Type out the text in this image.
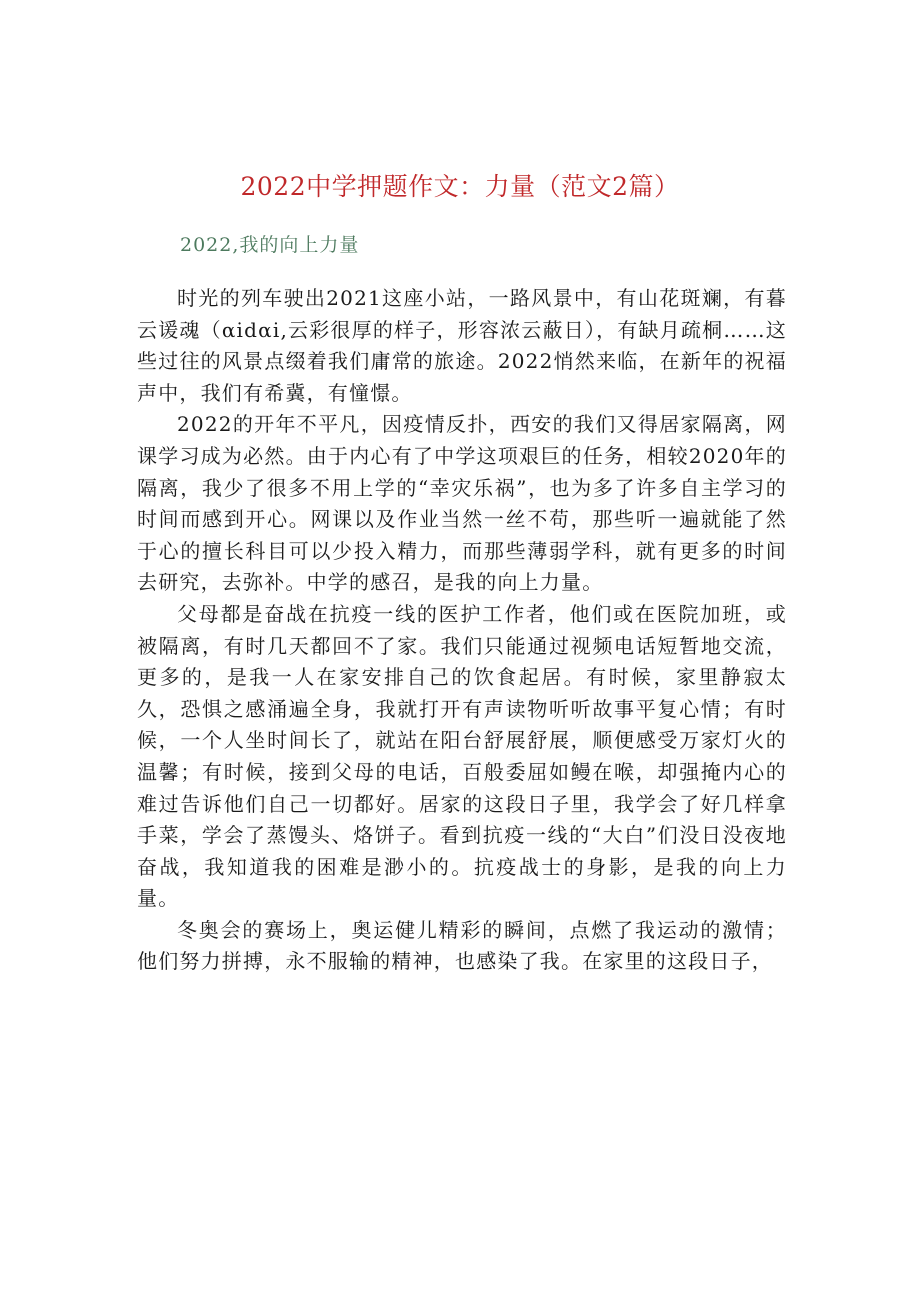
2022中学押题作文：力量（范文2篇）
2022,我的向上力量

时光的列车驶出2021这座小站，一路风景中，有山花斑斓，有暮云谖魂（αidαi,云彩很厚的样子，形容浓云蔽日），有缺月疏桐……这些过往的风景点缀着我们庸常的旅途。2022悄然来临，在新年的祝福声中，我们有希冀，有憧憬。

2022的开年不平凡，因疫情反扑，西安的我们又得居家隔离，网课学习成为必然。由于内心有了中学这项艰巨的任务，相较2020年的隔离，我少了很多不用上学的“幸灾乐祸”，也为多了许多自主学习的时间而感到开心。网课以及作业当然一丝不苟，那些听一遍就能了然于心的擅长科目可以少投入精力，而那些薄弱学科，就有更多的时间去研究，去弥补。中学的感召，是我的向上力量。

父母都是奋战在抗疫一线的医护工作者，他们或在医院加班，或被隔离，有时几天都回不了家。我们只能通过视频电话短暂地交流，更多的，是我一人在家安排自己的饮食起居。有时候，家里静寂太久，恐惧之感涌遍全身，我就打开有声读物听听故事平复心情；有时候，一个人坐时间长了，就站在阳台舒展舒展，顺便感受万家灯火的温馨；有时候，接到父母的电话，百般委屈如鳗在喉，却强掩内心的难过告诉他们自己一切都好。居家的这段日子里，我学会了好几样拿手菜，学会了蒸馒头、烙饼子。看到抗疫一线的“大白”们没日没夜地奋战，我知道我的困难是渺小的。抗疫战士的身影，是我的向上力量。

冬奥会的赛场上，奥运健儿精彩的瞬间，点燃了我运动的激情；他们努力拼搏，永不服输的精神，也感染了我。在家里的这段日子，
